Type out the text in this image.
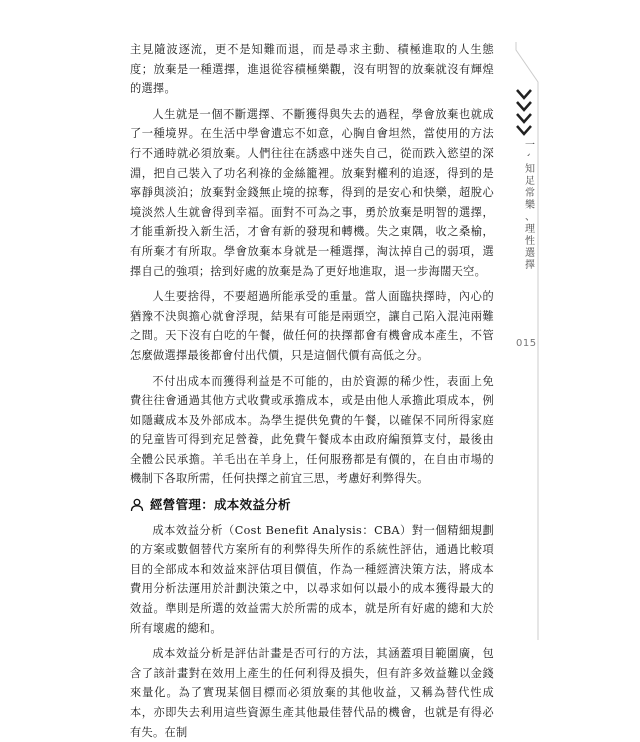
主見隨波逐流，更不是知難而退，而是尋求主動、積極進取的人生態度；放棄是一種選擇，進退從容積極樂觀，沒有明智的放棄就沒有輝煌的選擇。

人生就是一個不斷選擇、不斷獲得與失去的過程，學會放棄也就成了一種境界。在生活中學會遺忘不如意，心胸自會坦然，當使用的方法行不通時就必須放棄。人們往往在誘惑中迷失自己，從而跌入慾望的深淵，把自己裝入了功名利祿的金絲籠裡。放棄對權利的追逐，得到的是寧靜與淡泊；放棄對金錢無止境的掠奪，得到的是安心和快樂，超脫心境淡然人生就會得到幸福。面對不可為之事，勇於放棄是明智的選擇，才能重新投入新生活，才會有新的發現和轉機。失之東隅，收之桑榆，有所棄才有所取。學會放棄本身就是一種選擇，淘汰掉自己的弱項，選擇自己的強項；捨到好處的放棄是為了更好地進取，退一步海闊天空。

人生要捨得，不要超過所能承受的重量。當人面臨抉擇時，內心的猶豫不決與擔心就會浮現，結果有可能是兩頭空，讓自己陷入混沌兩難之間。天下沒有白吃的午餐，做任何的抉擇都會有機會成本產生，不管怎麼做選擇最後都會付出代價，只是這個代價有高低之分。

不付出成本而獲得利益是不可能的，由於資源的稀少性，表面上免費往往會通過其他方式收費或承擔成本，或是由他人承擔此項成本，例如隱藏成本及外部成本。為學生提供免費的午餐，以確保不同所得家庭的兒童皆可得到充足營養，此免費午餐成本由政府編預算支付，最後由全體公民承擔。羊毛出在羊身上，任何服務都是有價的，在自由市場的機制下各取所需，任何抉擇之前宜三思，考慮好利弊得失。

經營管理：成本效益分析

成本效益分析（Cost Benefit Analysis：CBA）對一個精細規劃的方案或數個替代方案所有的利弊得失所作的系統性評估，通過比較項目的全部成本和效益來評估項目價值，作為一種經濟決策方法，將成本費用分析法運用於計劃決策之中，以尋求如何以最小的成本獲得最大的效益。準則是所選的效益需大於所需的成本，就是所有好處的總和大於所有壞處的總和。

成本效益分析是評估計畫是否可行的方法，其涵蓋項目範圍廣，包含了該計畫對在效用上產生的任何利得及損失，但有許多效益難以金錢來量化。為了實現某個目標而必須放棄的其他收益，又稱為替代性成本，亦即失去利用這些資源生產其他最佳替代品的機會，也就是有得必有失。在制

一
、
知
足
常
樂
、
理
性
選
擇
015
